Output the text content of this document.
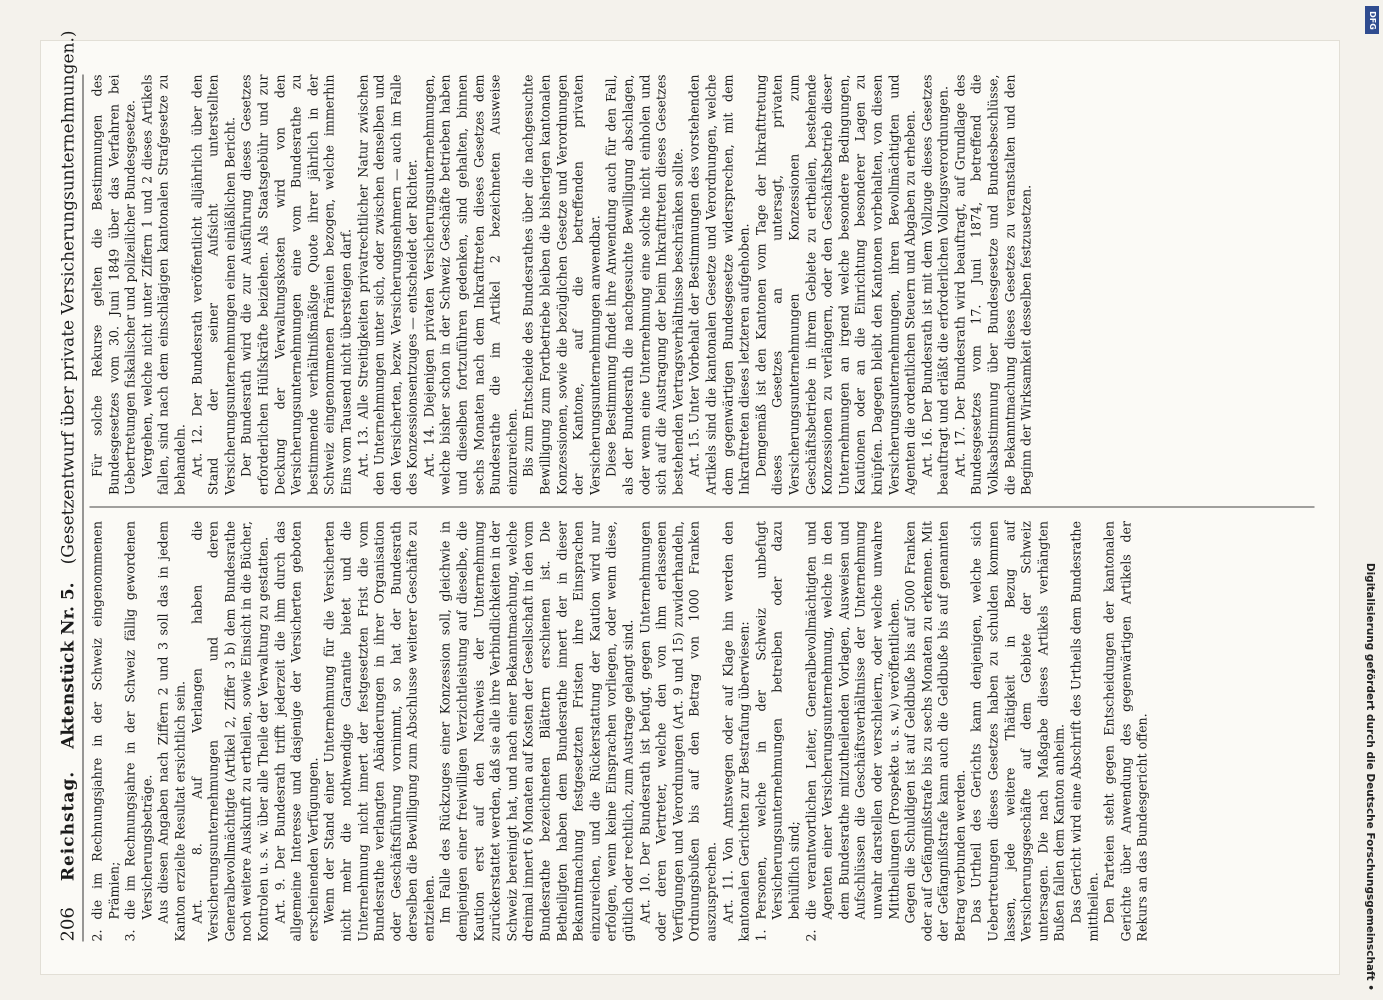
206
Reichstag.
Aktenstück Nr. 5.
(Gesetzentwurf über private Versicherungsunternehmungen.)

2.
die im Rechnungsjahre in der Schweiz eingenommenen Prämien;

3.
die im Rechnungsjahre in der Schweiz fällig gewordenen Versicherungsbeträge. Aus diesen Angaben nach Ziffern 2 und 3 soll das in jedem Kanton erzielte Resultat ersichtlich sein. Art. 8. Auf Verlangen haben die Versicherungsunternehmungen und deren Generalbevollmächtigte (Artikel 2, Ziffer 3 b) dem Bundesrathe noch weitere Auskunft zu ertheilen, sowie Einsicht in die Bücher, Kontrolen u. s. w. über alle Theile der Verwaltung zu gestatten. Art. 9. Der Bundesrath trifft jederzeit die ihm durch das allgemeine Interesse und dasjenige der Versicherten geboten erscheinenden Verfügungen. Wenn der Stand einer Unternehmung für die Versicherten nicht mehr die nothwendige Garantie bietet und die Unternehmung nicht innert der festgesetzten Frist die vom Bundesrathe verlangten Abänderungen in ihrer Organisation oder Geschäftsführung vornimmt, so hat der Bundesrath derselben die Bewilligung zum Abschlusse weiterer Geschäfte zu entziehen. Im Falle des Rückzuges einer Konzession soll, gleichwie in demjenigen einer freiwilligen Verzichtleistung auf dieselbe, die Kaution erst auf den Nachweis der Unternehmung zurückerstattet werden, daß sie alle ihre Verbindlichkeiten in der Schweiz bereinigt hat, und nach einer Bekanntmachung, welche dreimal innert 6 Monaten auf Kosten der Gesellschaft in den vom Bundesrathe bezeichneten Blättern erschienen ist. Die Betheiligten haben dem Bundesrathe innert der in dieser Bekanntmachung festgesetzten Fristen ihre Einsprachen einzureichen, und die Rückerstattung der Kaution wird nur erfolgen, wenn keine Einsprachen vorliegen, oder wenn diese, gütlich oder rechtlich, zum Austrage gelangt sind. Art. 10. Der Bundesrath ist befugt, gegen Unternehmungen oder deren Vertreter, welche den von ihm erlassenen Verfügungen und Verordnungen (Art. 9 und 15) zuwiderhandeln, Ordnungsbußen bis auf den Betrag von 1000 Franken auszusprechen. Art. 11. Von Amtswegen oder auf Klage hin werden den kantonalen Gerichten zur Bestrafung überwiesen: 1.
Personen, welche in der Schweiz unbefugt Versicherungsunternehmungen betreiben oder dazu behülflich sind;

2.
die verantwortlichen Leiter, Generalbevollmächtigten und Agenten einer Versicherungsunternehmung, welche in den dem Bundesrathe mitzutheilenden Vorlagen, Ausweisen und Aufschlüssen die Geschäftsverhältnisse der Unternehmung unwahr darstellen oder verschleiern, oder welche unwahre Mittheilungen (Prospekte u. s. w.) veröffentlichen. Gegen die Schuldigen ist auf Geldbuße bis auf 5000 Franken oder auf Gefängnißstrafe bis zu sechs Monaten zu erkennen. Mit der Gefängnißstrafe kann auch die Geldbuße bis auf genannten Betrag verbunden werden. Das Urtheil des Gerichts kann denjenigen, welche sich Uebertretungen dieses Gesetzes haben zu schulden kommen lassen, jede weitere Thätigkeit in Bezug auf Versicherungsgeschäfte auf dem Gebiete der Schweiz untersagen. Die nach Maßgabe dieses Artikels verhängten Bußen fallen dem Kanton anheim. Das Gericht wird eine Abschrift des Urtheils dem Bundesrathe mittheilen. Den Parteien steht gegen Entscheidungen der kantonalen Gerichte über Anwendung des gegenwärtigen Artikels der Rekurs an das Bundesgericht offen.

Für solche Rekurse gelten die Bestimmungen des Bundesgesetzes vom 30. Juni 1849 über das Verfahren bei Uebertretungen fiskalischer und polizeilicher Bundesgesetze. Vergehen, welche nicht unter Ziffern 1 und 2 dieses Artikels fallen, sind nach dem einschlägigen kantonalen Strafgesetze zu behandeln. Art. 12. Der Bundesrath veröffentlicht alljährlich über den Stand der seiner Aufsicht unterstellten Versicherungsunternehmungen einen einläßlichen Bericht. Der Bundesrath wird die zur Ausführung dieses Gesetzes erforderlichen Hülfskräfte beiziehen. Als Staatsgebühr und zur Deckung der Verwaltungskosten wird von den Versicherungsunternehmungen eine vom Bundesrathe zu bestimmende verhältnißmäßige Quote ihrer jährlich in der Schweiz eingenommenen Prämien bezogen, welche immerhin Eins vom Tausend nicht übersteigen darf. Art. 13. Alle Streitigkeiten privatrechtlicher Natur zwischen den Unternehmungen unter sich, oder zwischen denselben und den Versicherten, bezw. Versicherungsnehmern — auch im Falle des Konzessionsentzuges — entscheidet der Richter. Art. 14. Diejenigen privaten Versicherungsunternehmungen, welche bisher schon in der Schweiz Geschäfte betrieben haben und dieselben fortzuführen gedenken, sind gehalten, binnen sechs Monaten nach dem Inkrafttreten dieses Gesetzes dem Bundesrathe die im Artikel 2 bezeichneten Ausweise einzureichen. Bis zum Entscheide des Bundesrathes über die nachgesuchte Bewilligung zum Fortbetriebe bleiben die bisherigen kantonalen Konzessionen, sowie die bezüglichen Gesetze und Verordnungen der Kantone, auf die betreffenden privaten Versicherungsunternehmungen anwendbar. Diese Bestimmung findet ihre Anwendung auch für den Fall, als der Bundesrath die nachgesuchte Bewilligung abschlagen, oder wenn eine Unternehmung eine solche nicht einholen und sich auf die Austragung der beim Inkrafttreten dieses Gesetzes bestehenden Vertragsverhältnisse beschränken sollte. Art. 15. Unter Vorbehalt der Bestimmungen des vorstehenden Artikels sind die kantonalen Gesetze und Verordnungen, welche dem gegenwärtigen Bundesgesetze widersprechen, mit dem Inkrafttreten dieses letzteren aufgehoben. Demgemäß ist den Kantonen vom Tage der Inkrafttretung dieses Gesetzes an untersagt, privaten Versicherungsunternehmungen Konzessionen zum Geschäftsbetriebe in ihrem Gebiete zu ertheilen, bestehende Konzessionen zu verlängern, oder den Geschäftsbetrieb dieser Unternehmungen an irgend welche besondere Bedingungen, Kautionen oder an die Einrichtung besonderer Lagen zu knüpfen. Dagegen bleibt den Kantonen vorbehalten, von diesen Versicherungsunternehmungen, ihren Bevollmächtigten und Agenten die ordentlichen Steuern und Abgaben zu erheben. Art. 16. Der Bundesrath ist mit dem Vollzuge dieses Gesetzes beauftragt und erläßt die erforderlichen Vollzugsverordnungen. Art. 17. Der Bundesrath wird beauftragt, auf Grundlage des Bundesgesetzes vom 17. Juni 1874, betreffend die Volksabstimmung über Bundesgesetze und Bundesbeschlüsse, die Bekanntmachung dieses Gesetzes zu veranstalten und den Beginn der Wirksamkeit desselben festzusetzen.

Digitalisierung gefördert durch die Deutsche Forschungsgemeinschaft •
DFG
